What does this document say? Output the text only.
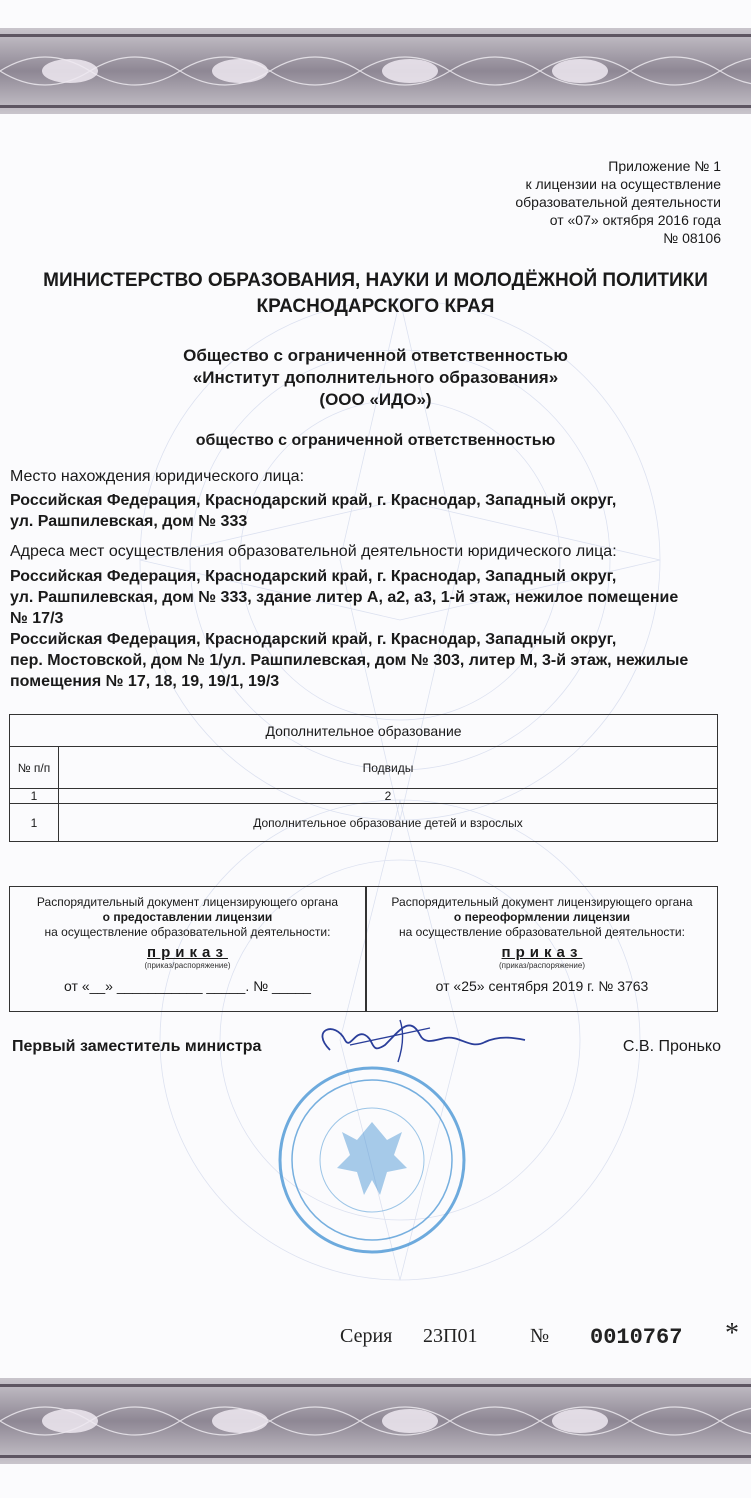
Приложение № 1
к лицензии на осуществление
образовательной деятельности
от «07» октября 2016 года
№ 08106
МИНИСТЕРСТВО ОБРАЗОВАНИЯ, НАУКИ И МОЛОДЁЖНОЙ ПОЛИТИКИ
КРАСНОДАРСКОГО КРАЯ
Общество с ограниченной ответственностью
«Институт дополнительного образования»
(ООО «ИДО»)
общество с ограниченной ответственностью
Место нахождения юридического лица:
Российская Федерация, Краснодарский край, г. Краснодар, Западный округ,
ул. Рашпилевская, дом № 333
Адреса мест осуществления образовательной деятельности юридического лица:
Российская Федерация, Краснодарский край, г. Краснодар, Западный округ,
ул. Рашпилевская, дом № 333, здание литер А, а2, а3, 1-й этаж, нежилое помещение
№ 17/3
Российская Федерация, Краснодарский край, г. Краснодар, Западный округ,
пер. Мостовской, дом № 1/ул. Рашпилевская, дом № 303, литер М, 3-й этаж, нежилые
помещения № 17, 18, 19, 19/1, 19/3
Дополнительное образование	
№ п/п	Подвиды
1	2
1	Дополнительное образование детей и взрослых
Распорядительный документ лицензирующего органа
о предоставлении лицензии
на осуществление образовательной деятельности:
приказ
(приказ/распоряжение)
от «__» ___________ _____. № _____
Распорядительный документ лицензирующего органа
о переоформлении лицензии
на осуществление образовательной деятельности:
приказ
(приказ/распоряжение)
от «25» сентября 2019 г. № 3763
Первый заместитель министра	С.В. Пронько
Серия 23П01	№ 0010767 *
